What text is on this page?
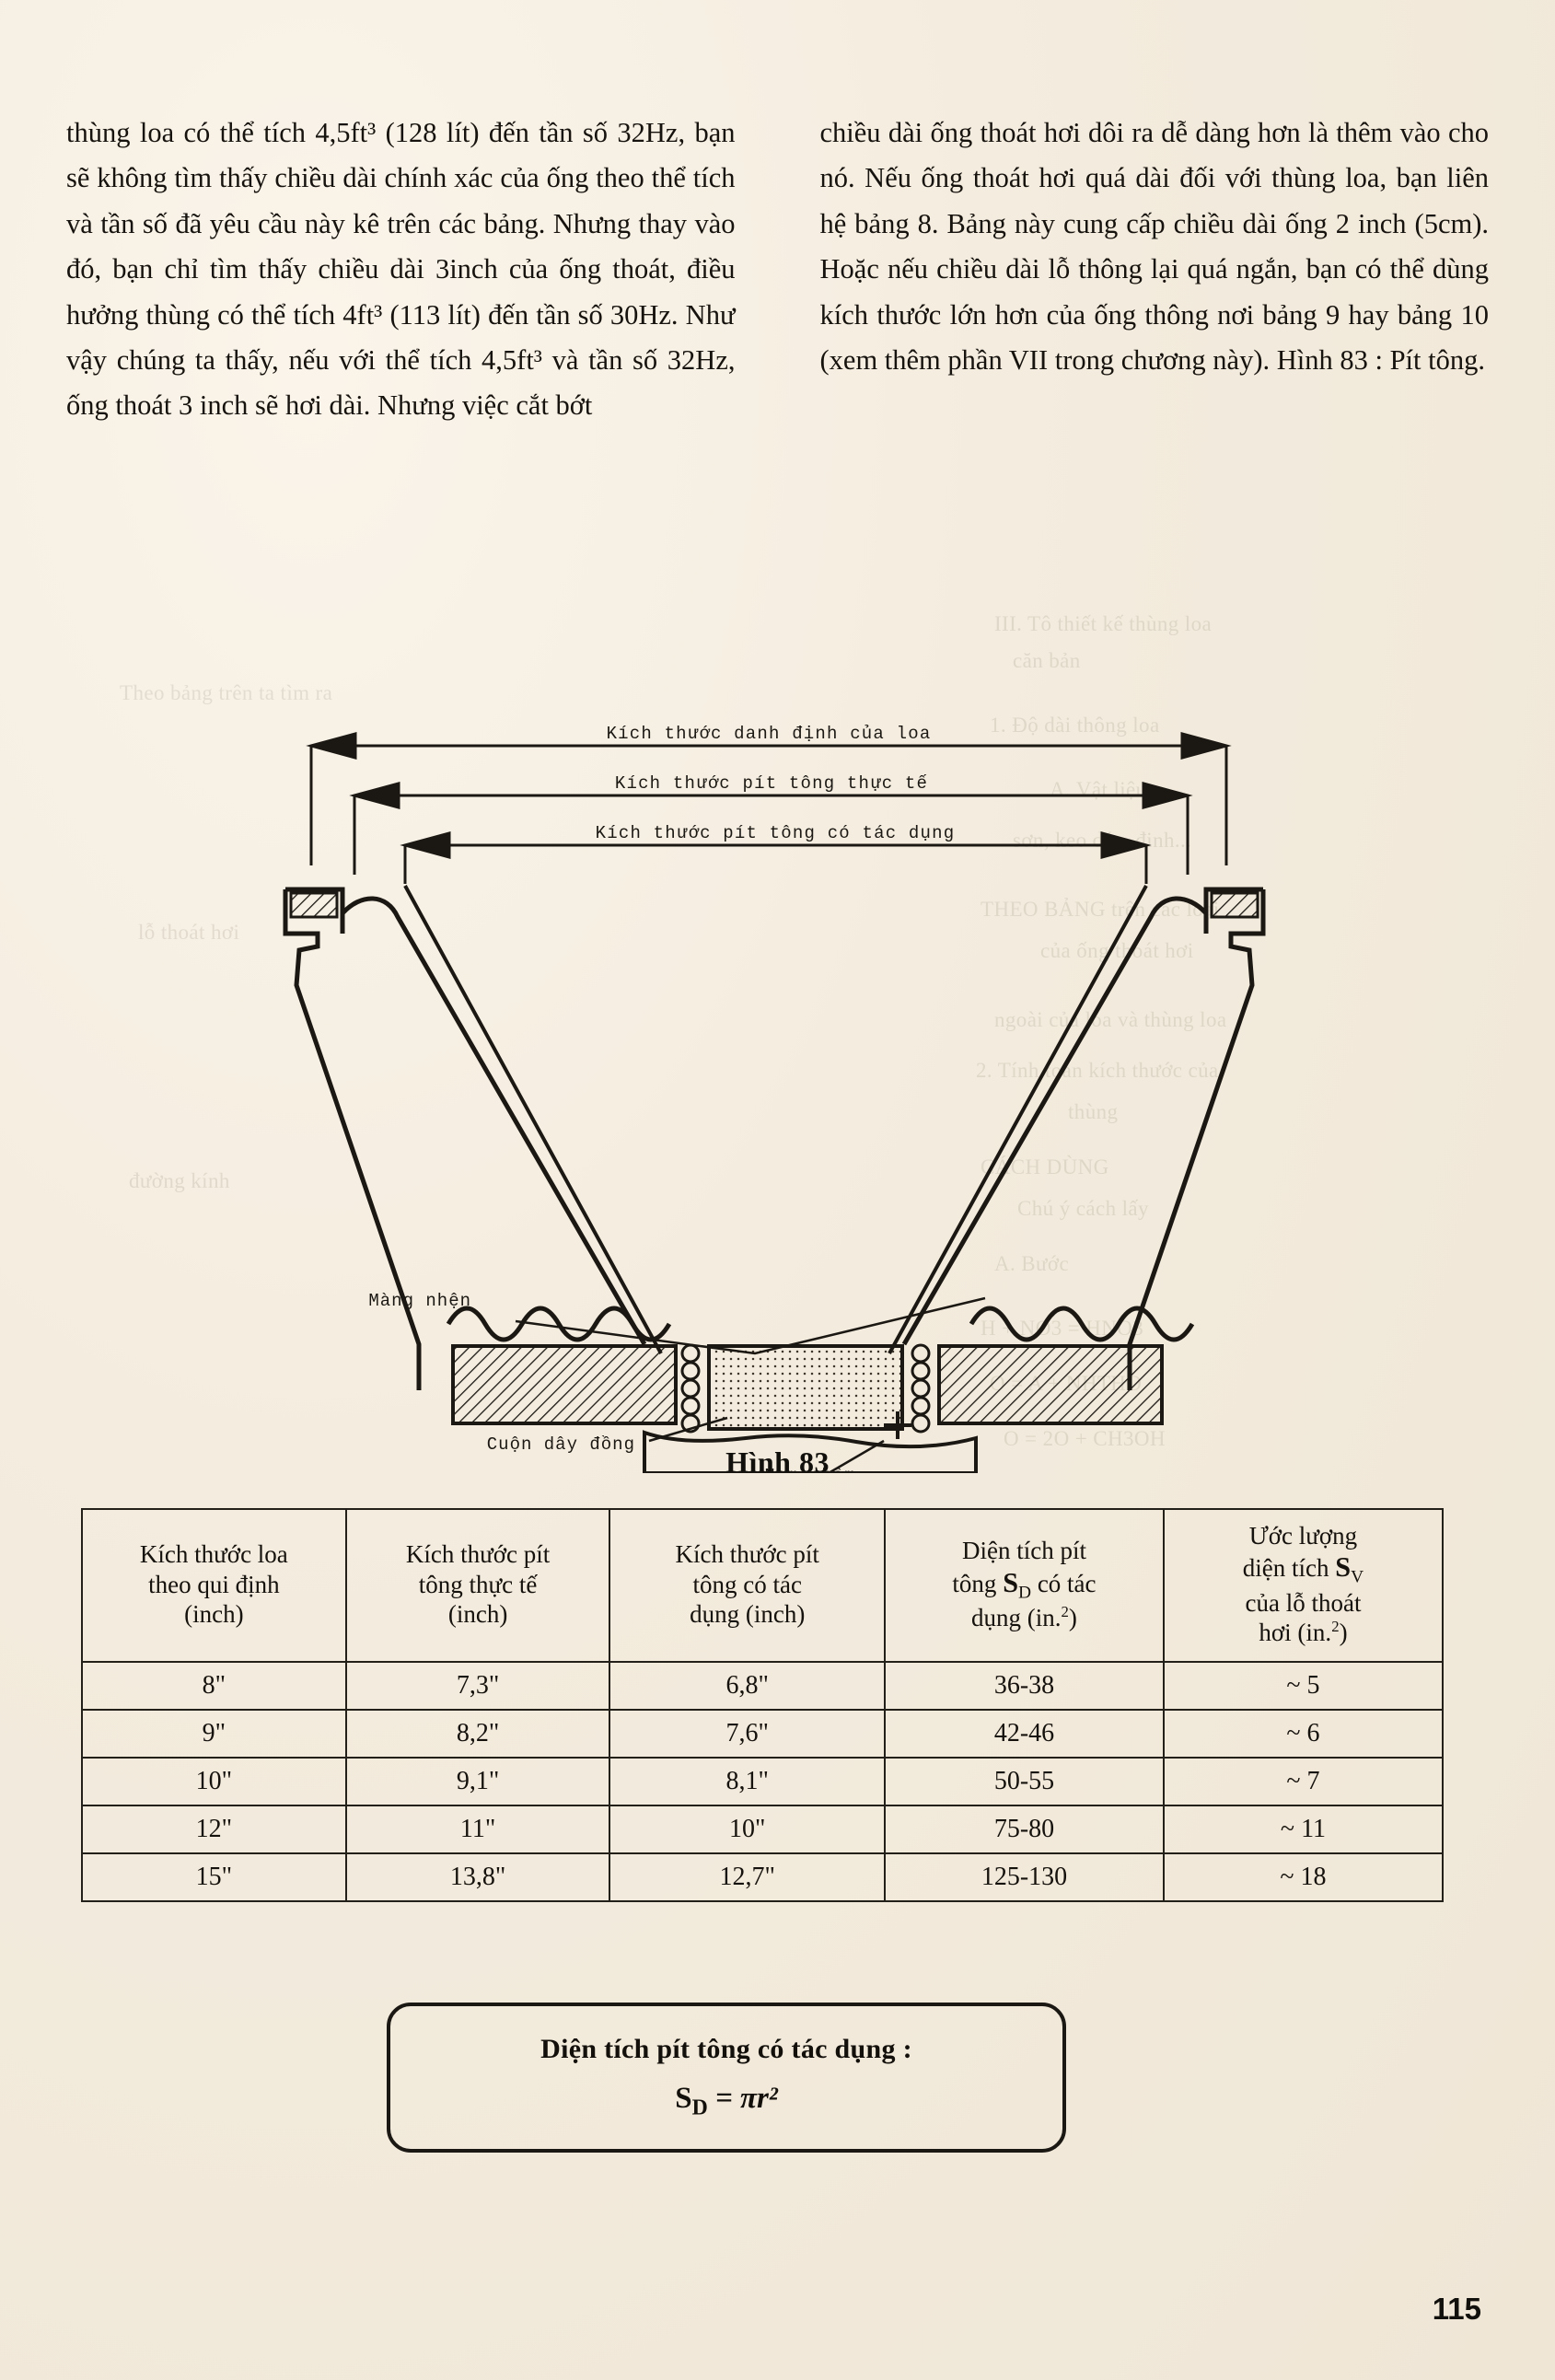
III. Tô thiết kế thùng loa
căn bản
1. Độ dài thông loa
A. Vật liệu
sơn, keo đinh...
THEO BẢNG trên các loại
của ống thoát hơi
ngoài của loa và thùng loa
2. Tính toán kích thước của
thùng
CÁCH DÙNG
Chú ý cách lấy
A. Bước
H + NO3 = HNO3
O = 2O + CH3OH
Theo bảng trên ta tìm ra
lỗ thoát hơi
đường kính

thùng loa có thể tích 4,5ft³ (128 lít) đến tần số 32Hz, bạn sẽ không tìm thấy chiều dài chính xác của ống theo thể tích và tần số đã yêu cầu này kê trên các bảng. Nhưng thay vào đó, bạn chỉ tìm thấy chiều dài 3inch của ống thoát, điều hưởng thùng có thể tích 4ft³ (113 lít) đến tần số 30Hz. Như vậy chúng ta thấy, nếu với thể tích 4,5ft³ và tần số 32Hz, ống thoát 3 inch sẽ hơi dài. Nhưng việc cắt bớt

chiều dài ống thoát hơi dôi ra dễ dàng hơn là thêm vào cho nó. Nếu ống thoát hơi quá dài đối với thùng loa, bạn liên hệ bảng 8. Bảng này cung cấp chiều dài ống 2 inch (5cm). Hoặc nếu chiều dài lỗ thông lại quá ngắn, bạn có thể dùng kích thước lớn hơn của ống thông nơi bảng 9 hay bảng 10 (xem thêm phần VII trong chương này). Hình 83 : Pít tông.

Kích thước danh định của loa
Kích thước pít tông thực tế
Kích thước pít tông có tác dụng
Màng nhện
Cuộn dây đồng
Hình 83
Kích thước loa
theo qui định
(inch)	Kích thước pít
tông thực tế
(inch)	Kích thước pít
tông có tác
dụng (inch)	Diện tích pít
tông $S_D$ có tác
dụng (in.$^2$)	Ước lượng
diện tích $S_V$
của lỗ thoát
hơi (in.$^2$)
8"	7,3"	6,8"	36-38	~ 5
9"	8,2"	7,6"	42-46	~ 6
10"	9,1"	8,1"	50-55	~ 7
12"	11"	10"	75-80	~ 11
15"	13,8"	12,7"	125-130	~ 18
Diện tích pít tông có tác dụng :
$S_D = \pi r^2$
115
